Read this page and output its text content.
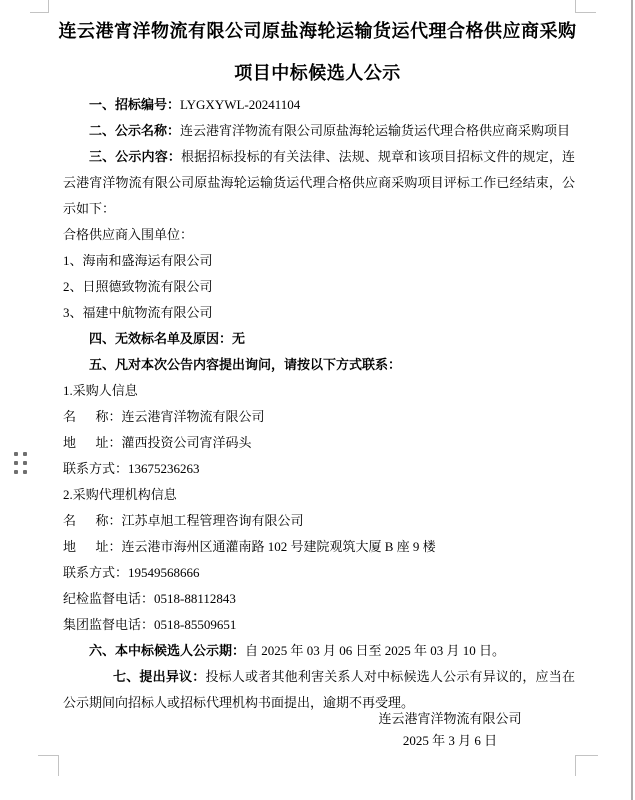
连云港宵洋物流有限公司原盐海轮运输货运代理合格供应商采购

项目中标候选人公示

一、招标编号：LYGXYWL-20241104

二、公示名称：连云港宵洋物流有限公司原盐海轮运输货运代理合格供应商采购项目

三、公示内容：根据招标投标的有关法律、法规、规章和该项目招标文件的规定，连云港宵洋物流有限公司原盐海轮运输货运代理合格供应商采购项目评标工作已经结束，公示如下：

合格供应商入围单位：

1、海南和盛海运有限公司

2、日照德致物流有限公司

3、福建中航物流有限公司

四、无效标名单及原因：无

五、凡对本次公告内容提出询问，请按以下方式联系：

1.采购人信息

名      称：连云港宵洋物流有限公司

地      址：灌西投资公司宵洋码头

联系方式：13675236263

2.采购代理机构信息

名      称：江苏卓旭工程管理咨询有限公司

地      址：连云港市海州区通灌南路 102 号建院观筑大厦 B 座 9 楼

联系方式：19549568666

纪检监督电话：0518-88112843

集团监督电话：0518-85509651

六、本中标候选人公示期：自 2025 年 03 月 06 日至 2025 年 03 月 10 日。

七、提出异议：投标人或者其他利害关系人对中标候选人公示有异议的，应当在公示期间向招标人或招标代理机构书面提出，逾期不再受理。

连云港宵洋物流有限公司

2025 年 3 月 6 日
